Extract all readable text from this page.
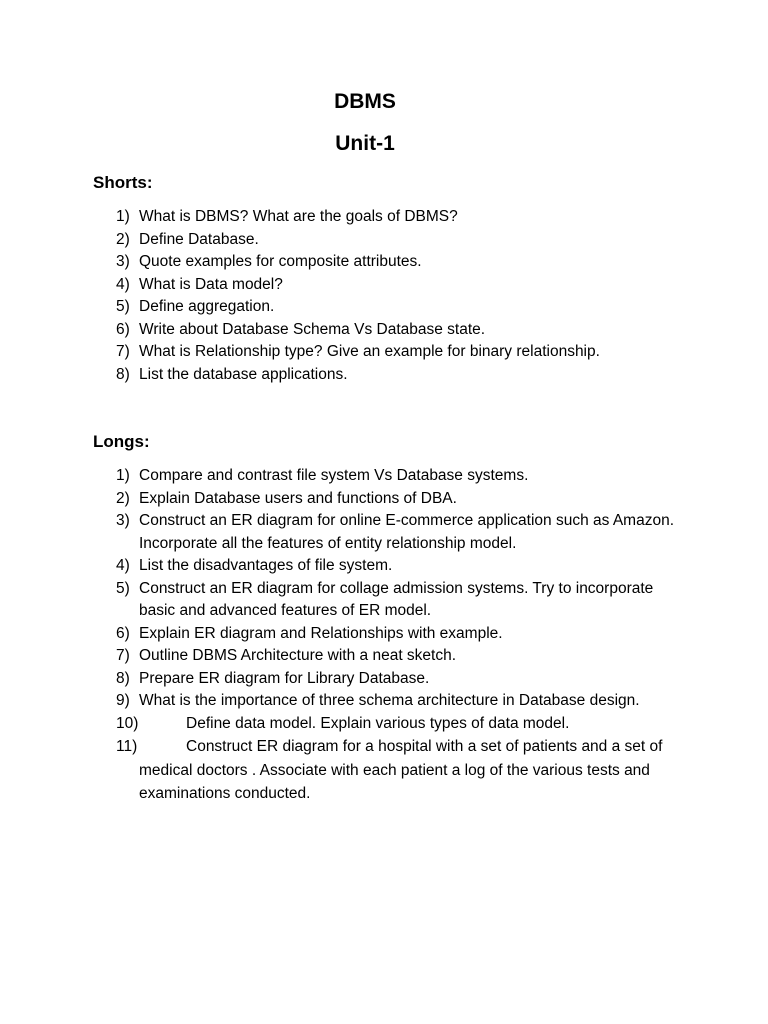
DBMS
Unit-1
Shorts:
1) What is DBMS? What are the goals of DBMS?
2) Define Database.
3) Quote examples for composite attributes.
4) What is Data model?
5) Define aggregation.
6) Write about Database Schema Vs Database state.
7) What is Relationship type? Give an example for binary relationship.
8) List the database applications.
Longs:
1) Compare and contrast file system Vs Database systems.
2) Explain Database users and functions of DBA.
3) Construct an ER diagram for online E-commerce application such as Amazon. Incorporate all the features of entity relationship model.
4) List the disadvantages of file system.
5) Construct an ER diagram for collage admission systems. Try to incorporate basic and advanced features of ER model.
6) Explain ER diagram and Relationships with example.
7) Outline DBMS Architecture with a neat sketch.
8) Prepare ER diagram for Library Database.
9) What is the importance of three schema architecture in Database design.
10)	Define data model. Explain various types of data model.
11)	Construct ER diagram for a hospital with a set of patients and a set of medical doctors . Associate with each patient a log of the various tests and examinations conducted.
